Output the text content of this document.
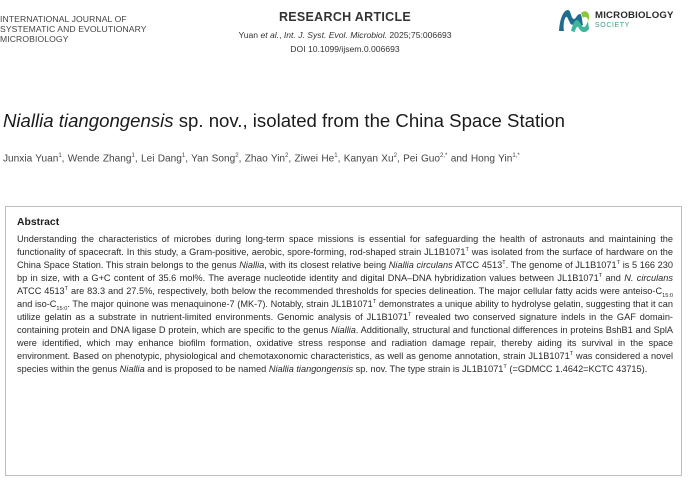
INTERNATIONAL JOURNAL OF
SYSTEMATIC AND EVOLUTIONARY
MICROBIOLOGY
RESEARCH ARTICLE
Yuan et al., Int. J. Syst. Evol. Microbiol. 2025;75:006693
DOI 10.1099/ijsem.0.006693
MICROBIOLOGY
SOCIETY
Niallia tiangongensis sp. nov., isolated from the China Space Station
Junxia Yuan$^1$, Wende Zhang$^1$, Lei Dang$^1$, Yan Song$^2$, Zhao Yin$^2$, Ziwei He$^1$, Kanyan Xu$^2$, Pei Guo$^{2,*}$ and Hong Yin$^{1,*}$
Abstract
Understanding the characteristics of microbes during long-term space missions is essential for safeguarding the health of astronauts and maintaining the functionality of spacecraft. In this study, a Gram-positive, aerobic, spore-forming, rod-shaped strain $JL1B1071^T$ was isolated from the surface of hardware on the China Space Station. This strain belongs to the genus Niallia, with its closest relative being Niallia circulans ATCC $4513^T$. The genome of $JL1B1071^T$ is 5 166 230 bp in size, with a G+C content of 35.6 mol%. The average nucleotide identity and digital DNA–DNA hybridization values between $JL1B1071^T$ and N. circulans ATCC $4513^T$ are 83.3 and 27.5%, respectively, both below the recommended thresholds for species delineation. The major cellular fatty acids were anteiso-$C_{15:0}$ and iso-$C_{15:0}$. The major quinone was menaquinone-7 (MK-7). Notably, strain $JL1B1071^T$ demonstrates a unique ability to hydrolyse gelatin, suggesting that it can utilize gelatin as a substrate in nutrient-limited environments. Genomic analysis of $JL1B1071^T$ revealed two conserved signature indels in the GAF domain-containing protein and DNA ligase D protein, which are specific to the genus Niallia. Additionally, structural and functional differences in proteins BshB1 and SplA were identified, which may enhance biofilm formation, oxidative stress response and radiation damage repair, thereby aiding its survival in the space environment. Based on phenotypic, physiological and chemotaxonomic characteristics, as well as genome annotation, strain $JL1B1071^T$ was considered a novel species within the genus Niallia and is proposed to be named Niallia tiangongensis sp. nov. The type strain is $JL1B1071^T$ (=GDMCC 1.4642=KCTC 43715).
